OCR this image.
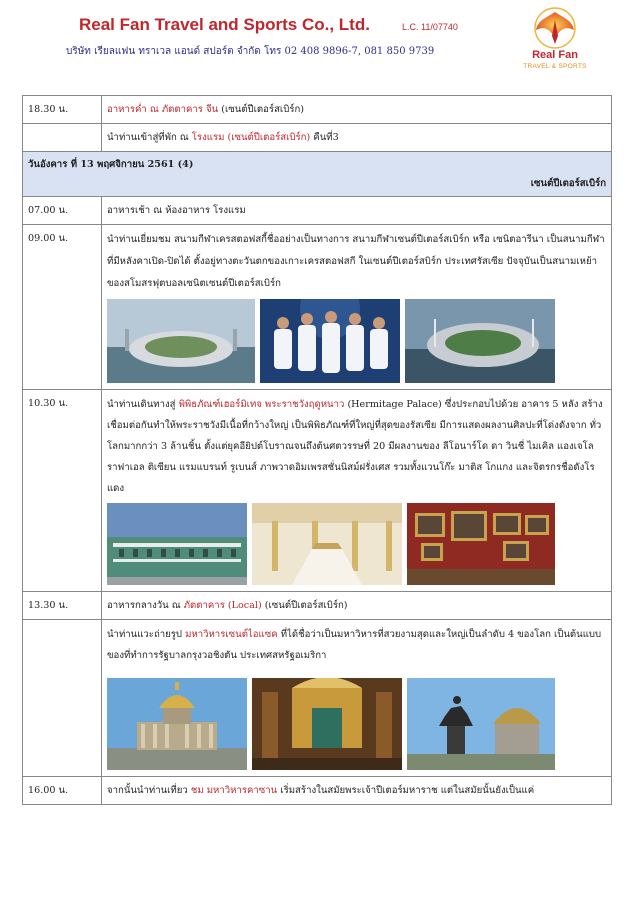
Real Fan Travel and Sports Co., Ltd.	L.C. 11/07740
บริษัท เรียลแฟน ทราเวล แอนด์ สปอร์ต จำกัด โทร 02 408 9896-7, 081 850 9739	Real Fan
TRAVEL & SPORTS
18.30 น.	อาหารค่ำ ณ ภัตตาคาร จีน (เซนต์ปีเตอร์สเบิร์ก)
	นำท่านเข้าสู่ที่พัก ณ โรงแรม (เซนต์ปีเตอร์สเบิร์ก) คืนที่3

วันอังคาร ที่ 13 พฤศจิกายน 2561 (4)
เซนต์ปีเตอร์สเบิร์ก	

07.00 น.	อาหารเช้า ณ ห้องอาหาร โรงแรม
09.00 น.	นำท่านเยี่ยมชม สนามกีฬาเครสตอฟสกี้ชื่ออย่างเป็นทางการ สนามกีฬาเซนต์ปีเตอร์สเบิร์ก หรือ เซนิตอารีนา เป็นสนามกีฬาที่มีหลังคาเปิด-ปิดได้ ตั้งอยู่ทางตะวันตกของเกาะเครสตอฟสกี ในเซนต์ปีเตอร์สบิร์ก ประเทศรัสเซีย ปัจจุบันเป็นสนามเหย้าของสโมสรฟุตบอลเซนิตเซนต์ปีเตอร์สเบิร์ก

10.30 น.	นำท่านเดินทางสู่ พิพิธภัณฑ์เฮอร์มิเทจ พระราชวังฤดูหนาว (Hermitage Palace) ซึ่งประกอบไปด้วย อาคาร 5 หลัง สร้างเชื่อมต่อกันทำให้พระราชวังมีเนื้อที่กว้างใหญ่ เป็นพิพิธภัณฑ์ที่ใหญ่ที่สุดของรัสเซีย มีการแสดงผลงานศิลปะที่โด่งดังจาก ทั่วโลกมากกว่า 3 ล้านชิ้น ตั้งแต่ยุคอียิปต์โบราณจนถึงต้นศตวรรษที่ 20 มีผลงานของ ลีโอนาร์โด ดา วินชี่ ไมเคิล แองเจโล ราฟาเอล ติเซียน แรมแบรนท์ รูเบนส์ ภาพวาดอิมเพรสชั่นนิสม์ฝรั่งเศส รวมทั้งแวนโก๊ะ มาติส โกแกง และจิตรกรชื่อดังโรแดง

13.30 น.	อาหารกลางวัน ณ ภัตตาคาร (Local) (เซนต์ปีเตอร์สเบิร์ก)

	นำท่านแวะถ่ายรูป มหาวิหารเซนต์ไอแซค ที่ได้ชื่อว่าเป็นมหาวิหารที่สวยงามสุดและใหญ่เป็นลำดับ 4 ของโลก เป็นต้นแบบของที่ทำการรัฐบาลกรุงวอชิงตัน ประเทศสหรัฐอเมริกา

16.00 น.	จากนั้นนำท่านเที่ยว ชม มหาวิหารคาซาน เริ่มสร้างในสมัยพระเจ้าปีเตอร์มหาราช แต่ในสมัยนั้นยังเป็นแค่
